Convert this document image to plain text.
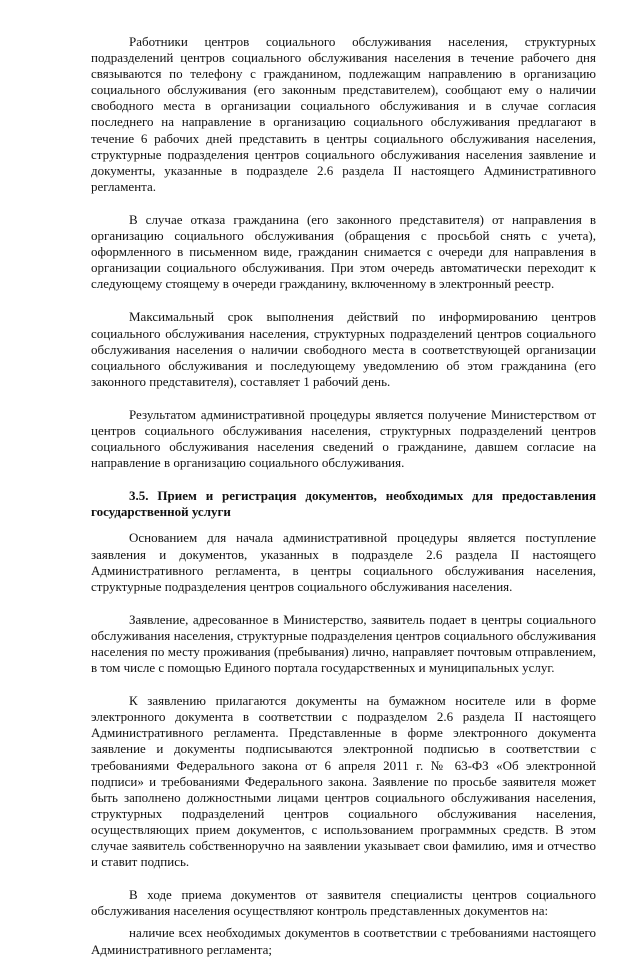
Работники центров социального обслуживания населения, структурных подразделений центров социального обслуживания населения в течение рабочего дня связываются по телефону с гражданином, подлежащим направлению в организацию социального обслуживания (его законным представителем), сообщают ему о наличии свободного места в организации социального обслуживания и в случае согласия последнего на направление в организацию социального обслуживания предлагают в течение 6 рабочих дней представить в центры социального обслуживания населения, структурные подразделения центров социального обслуживания населения заявление и документы, указанные в подразделе 2.6 раздела II настоящего Административного регламента.

В случае отказа гражданина (его законного представителя) от направления в организацию социального обслуживания (обращения с просьбой снять с учета), оформленного в письменном виде, гражданин снимается с очереди для направления в организации социального обслуживания. При этом очередь автоматически переходит к следующему стоящему в очереди гражданину, включенному в электронный реестр.

Максимальный срок выполнения действий по информированию центров социального обслуживания населения, структурных подразделений центров социального обслуживания населения о наличии свободного места в соответствующей организации социального обслуживания и последующему уведомлению об этом гражданина (его законного представителя), составляет 1 рабочий день.

Результатом административной процедуры является получение Министерством от центров социального обслуживания населения, структурных подразделений центров социального обслуживания населения сведений о гражданине, давшем согласие на направление в организацию социального обслуживания.

3.5. Прием и регистрация документов, необходимых для предоставления государственной услуги

Основанием для начала административной процедуры является поступление заявления и документов, указанных в подразделе 2.6 раздела II настоящего Административного регламента, в центры социального обслуживания населения, структурные подразделения центров социального обслуживания населения.

Заявление, адресованное в Министерство, заявитель подает в центры социального обслуживания населения, структурные подразделения центров социального обслуживания населения по месту проживания (пребывания) лично, направляет почтовым отправлением, в том числе с помощью Единого портала государственных и муниципальных услуг.

К заявлению прилагаются документы на бумажном носителе или в форме электронного документа в соответствии с подразделом 2.6 раздела II настоящего Административного регламента. Представленные в форме электронного документа заявление и документы подписываются электронной подписью в соответствии с требованиями Федерального закона от 6 апреля 2011 г. № 63-ФЗ «Об электронной подписи» и требованиями Федерального закона. Заявление по просьбе заявителя может быть заполнено должностными лицами центров социального обслуживания населения, структурных подразделений центров социального обслуживания населения, осуществляющих прием документов, с использованием программных средств. В этом случае заявитель собственноручно на заявлении указывает свои фамилию, имя и отчество и ставит подпись.

В ходе приема документов от заявителя специалисты центров социального обслуживания населения осуществляют контроль представленных документов на:

наличие всех необходимых документов в соответствии с требованиями настоящего Административного регламента;
